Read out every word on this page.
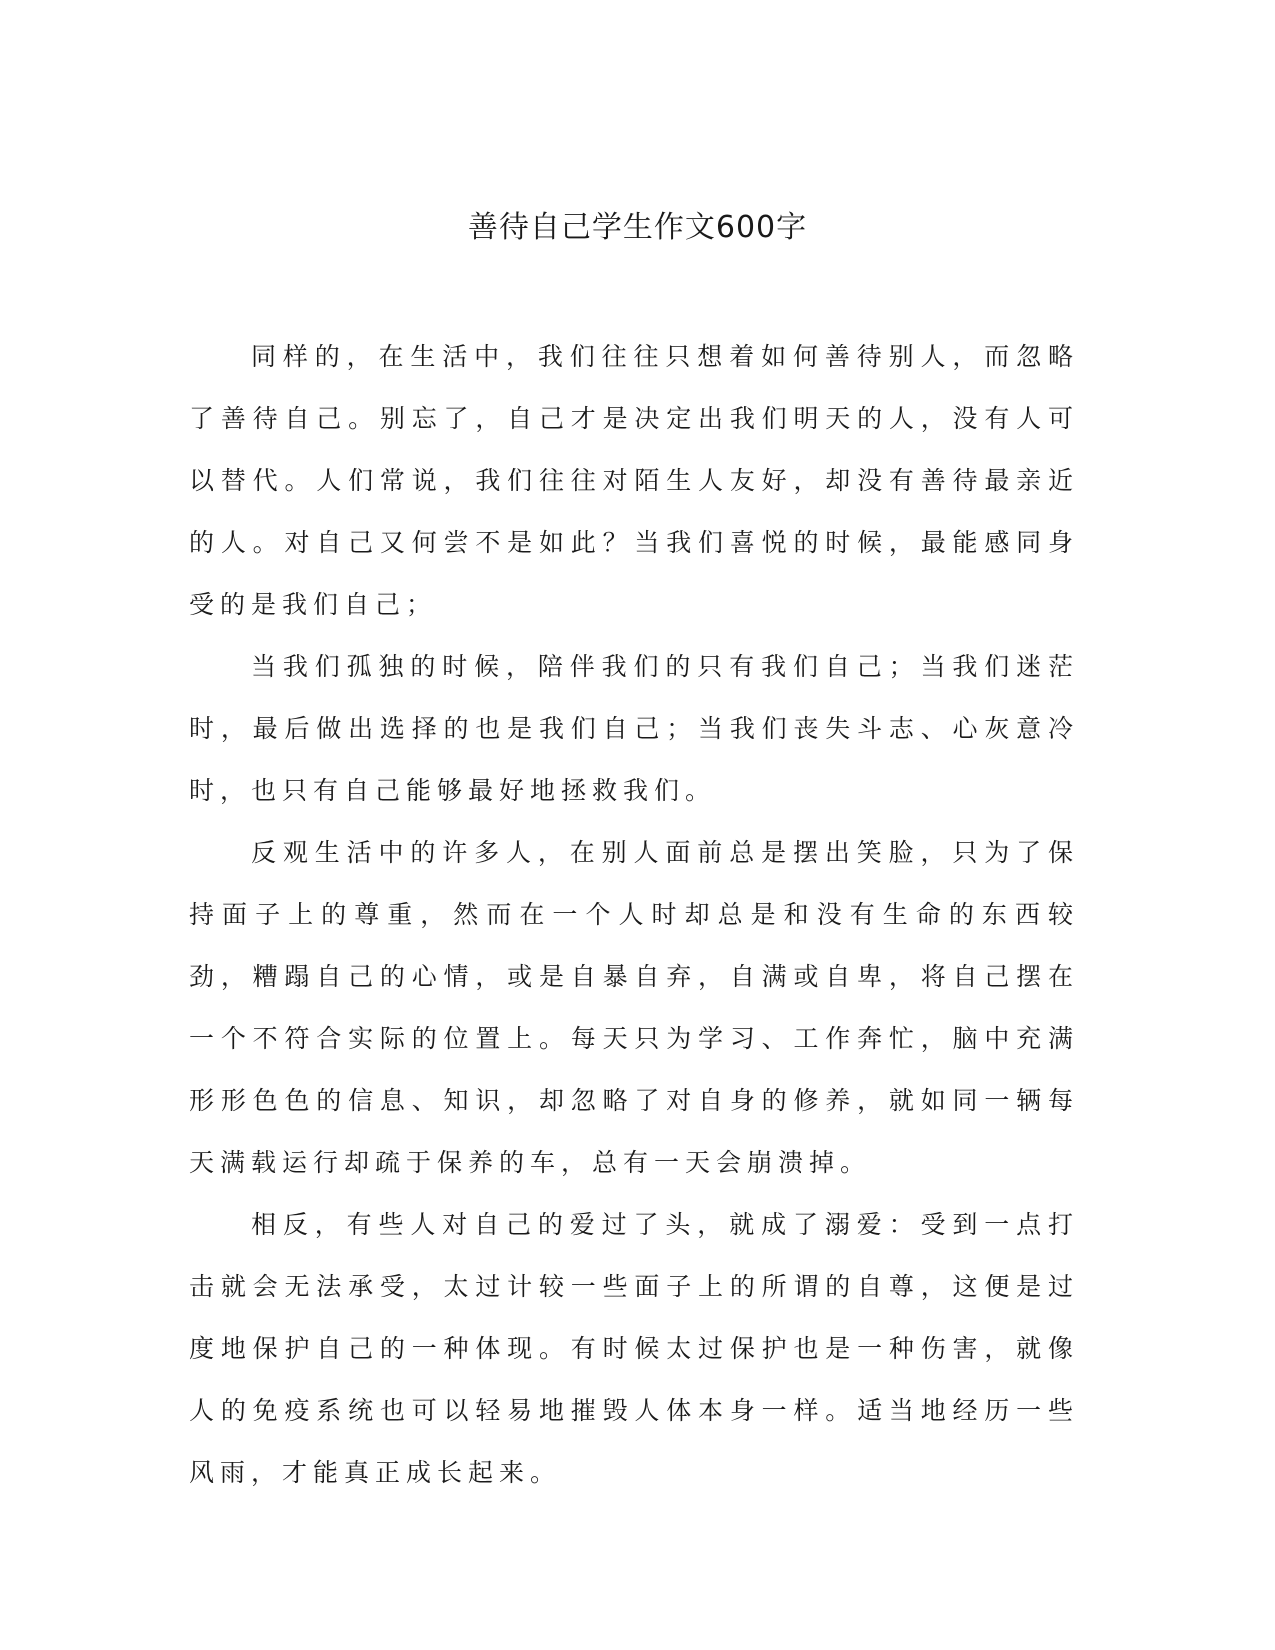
善待自己学生作文600字

同样的，在生活中，我们往往只想着如何善待别人，而忽略了善待自己。别忘了，自己才是决定出我们明天的人，没有人可以替代。人们常说，我们往往对陌生人友好，却没有善待最亲近的人。对自己又何尝不是如此？当我们喜悦的时候，最能感同身受的是我们自己；

当我们孤独的时候，陪伴我们的只有我们自己；当我们迷茫时，最后做出选择的也是我们自己；当我们丧失斗志、心灰意冷时，也只有自己能够最好地拯救我们。

反观生活中的许多人，在别人面前总是摆出笑脸，只为了保持面子上的尊重，然而在一个人时却总是和没有生命的东西较劲，糟蹋自己的心情，或是自暴自弃，自满或自卑，将自己摆在一个不符合实际的位置上。每天只为学习、工作奔忙，脑中充满形形色色的信息、知识，却忽略了对自身的修养，就如同一辆每天满载运行却疏于保养的车，总有一天会崩溃掉。

相反，有些人对自己的爱过了头，就成了溺爱：受到一点打击就会无法承受，太过计较一些面子上的所谓的自尊，这便是过度地保护自己的一种体现。有时候太过保护也是一种伤害，就像人的免疫系统也可以轻易地摧毁人体本身一样。适当地经历一些风雨，才能真正成长起来。
